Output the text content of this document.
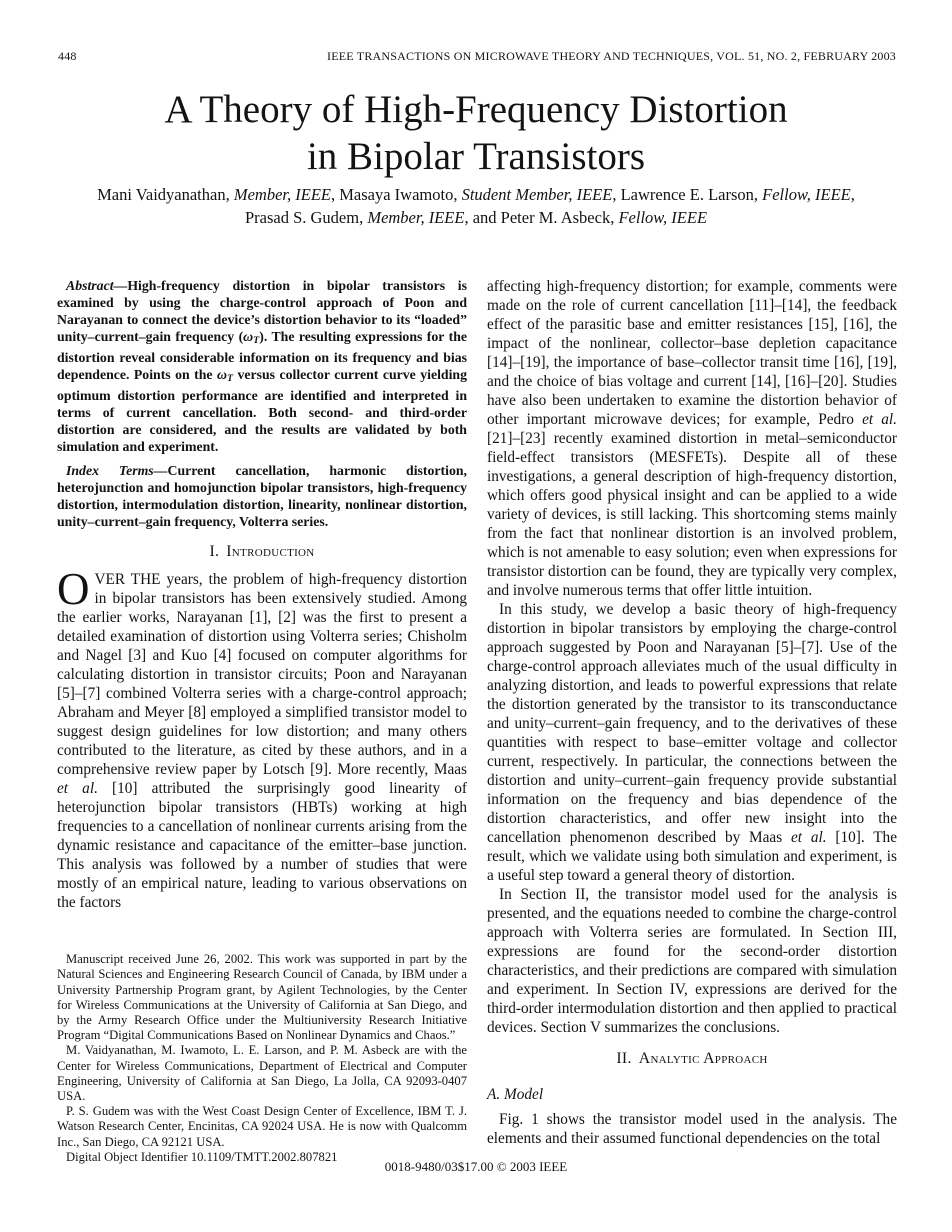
448	IEEE TRANSACTIONS ON MICROWAVE THEORY AND TECHNIQUES, VOL. 51, NO. 2, FEBRUARY 2003
A Theory of High-Frequency Distortion
in Bipolar Transistors
Mani Vaidyanathan, Member, IEEE, Masaya Iwamoto, Student Member, IEEE, Lawrence E. Larson, Fellow, IEEE,
Prasad S. Gudem, Member, IEEE, and Peter M. Asbeck, Fellow, IEEE

Abstract—High-frequency distortion in bipolar transistors is examined by using the charge-control approach of Poon and Narayanan to connect the device’s distortion behavior to its “loaded” unity–current–gain frequency (ωT). The resulting expressions for the distortion reveal considerable information on its frequency and bias dependence. Points on the ωT versus collector current curve yielding optimum distortion performance are identified and interpreted in terms of current cancellation. Both second- and third-order distortion are considered, and the results are validated by both simulation and experiment.

Index Terms—Current cancellation, harmonic distortion, heterojunction and homojunction bipolar transistors, high-frequency distortion, intermodulation distortion, linearity, nonlinear distortion, unity–current–gain frequency, Volterra series.

I. Introduction

OVER THE years, the problem of high-frequency distortion in bipolar transistors has been extensively studied. Among the earlier works, Narayanan [1], [2] was the first to present a detailed examination of distortion using Volterra series; Chisholm and Nagel [3] and Kuo [4] focused on computer algorithms for calculating distortion in transistor circuits; Poon and Narayanan [5]–[7] combined Volterra series with a charge-control approach; Abraham and Meyer [8] employed a simplified transistor model to suggest design guidelines for low distortion; and many others contributed to the literature, as cited by these authors, and in a comprehensive review paper by Lotsch [9]. More recently, Maas et al. [10] attributed the surprisingly good linearity of heterojunction bipolar transistors (HBTs) working at high frequencies to a cancellation of nonlinear currents arising from the dynamic resistance and capacitance of the emitter–base junction. This analysis was followed by a number of studies that were mostly of an empirical nature, leading to various observations on the factors

Manuscript received June 26, 2002. This work was supported in part by the Natural Sciences and Engineering Research Council of Canada, by IBM under a University Partnership Program grant, by Agilent Technologies, by the Center for Wireless Communications at the University of California at San Diego, and by the Army Research Office under the Multiuniversity Research Initiative Program “Digital Communications Based on Nonlinear Dynamics and Chaos.”

M. Vaidyanathan, M. Iwamoto, L. E. Larson, and P. M. Asbeck are with the Center for Wireless Communications, Department of Electrical and Computer Engineering, University of California at San Diego, La Jolla, CA 92093-0407 USA.

P. S. Gudem was with the West Coast Design Center of Excellence, IBM T. J. Watson Research Center, Encinitas, CA 92024 USA. He is now with Qualcomm Inc., San Diego, CA 92121 USA.

Digital Object Identifier 10.1109/TMTT.2002.807821

affecting high-frequency distortion; for example, comments were made on the role of current cancellation [11]–[14], the feedback effect of the parasitic base and emitter resistances [15], [16], the impact of the nonlinear, collector–base depletion capacitance [14]–[19], the importance of base–collector transit time [16], [19], and the choice of bias voltage and current [14], [16]–[20]. Studies have also been undertaken to examine the distortion behavior of other important microwave devices; for example, Pedro et al. [21]–[23] recently examined distortion in metal–semiconductor field-effect transistors (MESFETs). Despite all of these investigations, a general description of high-frequency distortion, which offers good physical insight and can be applied to a wide variety of devices, is still lacking. This shortcoming stems mainly from the fact that nonlinear distortion is an involved problem, which is not amenable to easy solution; even when expressions for transistor distortion can be found, they are typically very complex, and involve numerous terms that offer little intuition.

In this study, we develop a basic theory of high-frequency distortion in bipolar transistors by employing the charge-control approach suggested by Poon and Narayanan [5]–[7]. Use of the charge-control approach alleviates much of the usual difficulty in analyzing distortion, and leads to powerful expressions that relate the distortion generated by the transistor to its transconductance and unity–current–gain frequency, and to the derivatives of these quantities with respect to base–emitter voltage and collector current, respectively. In particular, the connections between the distortion and unity–current–gain frequency provide substantial information on the frequency and bias dependence of the distortion characteristics, and offer new insight into the cancellation phenomenon described by Maas et al. [10]. The result, which we validate using both simulation and experiment, is a useful step toward a general theory of distortion.

In Section II, the transistor model used for the analysis is presented, and the equations needed to combine the charge-control approach with Volterra series are formulated. In Section III, expressions are found for the second-order distortion characteristics, and their predictions are compared with simulation and experiment. In Section IV, expressions are derived for the third-order intermodulation distortion and then applied to practical devices. Section V summarizes the conclusions.

II. Analytic Approach
A. Model

Fig. 1 shows the transistor model used in the analysis. The elements and their assumed functional dependencies on the total

0018-9480/03$17.00 © 2003 IEEE
